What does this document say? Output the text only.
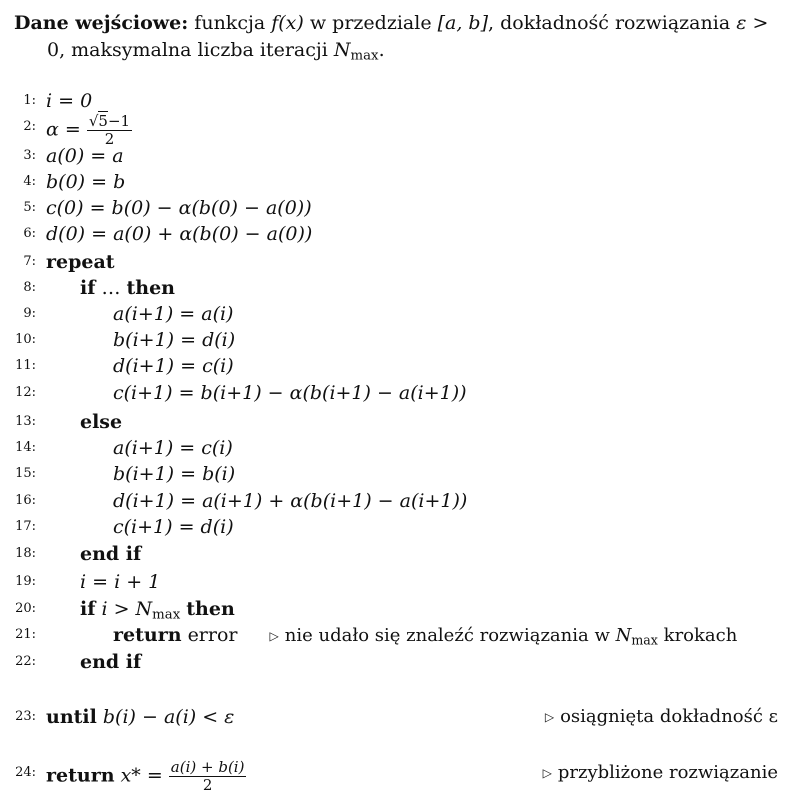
Dane wejściowe: funkcja f(x) w przedziale [a, b], dokładność rozwiązania ε >
0, maksymalna liczba iteracji $N_{max}$.
1: i = 0
2: $\alpha = \frac{√5-1}{2}$
3: a(0) = a
4: b(0) = b
5: c(0) = b(0) − α(b(0) − a(0))
6: d(0) = a(0) + α(b(0) − a(0))
7: repeat
8: if … then
9:	a(i+1) = a(i)
10:	b(i+1) = d(i)
11:	d(i+1) = c(i)
12:	c(i+1) = b(i+1) − α(b(i+1) − a(i+1))
13: else
14:	a(i+1) = c(i)
15:	b(i+1) = b(i)
16:	d(i+1) = a(i+1) + α(b(i+1) − a(i+1))
17:	c(i+1) = d(i)
18: end if
19: i = i + 1
20: if $i > N_{max}$ then
21:	return error	▷ nie udało się znaleźć rozwiązania w $N_{max}$ krokach
22: end if
23: until b(i) − a(i) < ε	▷ osiągnięta dokładność ε
24: return $x* = \frac{a(i) + b(i)}{2}$	▷ przybliżone rozwiązanie
